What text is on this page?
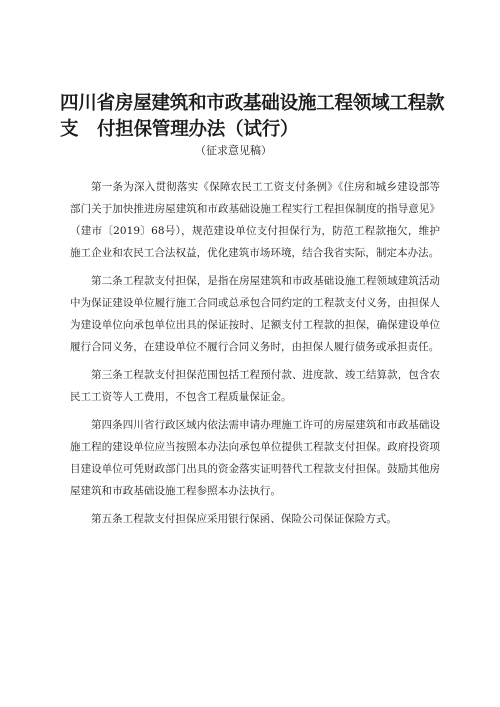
四川省房屋建筑和市政基础设施工程领域工程款支	付担保管理办法（试行）
（征求意见稿）

第一条为深入贯彻落实《保障农民工工资支付条例》《住房和城乡建设部等部门关于加快推进房屋建筑和市政基础设施工程实行工程担保制度的指导意见》（建市〔2019〕68号），规范建设单位支付担保行为，防范工程款拖欠，维护施工企业和农民工合法权益，优化建筑市场环境，结合我省实际，制定本办法。

第二条工程款支付担保，是指在房屋建筑和市政基础设施工程领域建筑活动中为保证建设单位履行施工合同或总承包合同约定的工程款支付义务，由担保人为建设单位向承包单位出具的保证按时、足额支付工程款的担保，确保建设单位履行合同义务，在建设单位不履行合同义务时，由担保人履行债务或承担责任。

第三条工程款支付担保范围包括工程预付款、进度款、竣工结算款，包含农民工工资等人工费用，不包含工程质量保证金。

第四条四川省行政区域内依法需申请办理施工许可的房屋建筑和市政基础设施工程的建设单位应当按照本办法向承包单位提供工程款支付担保。政府投资项目建设单位可凭财政部门出具的资金落实证明替代工程款支付担保。鼓励其他房屋建筑和市政基础设施工程参照本办法执行。

第五条工程款支付担保应采用银行保函、保险公司保证保险方式。
